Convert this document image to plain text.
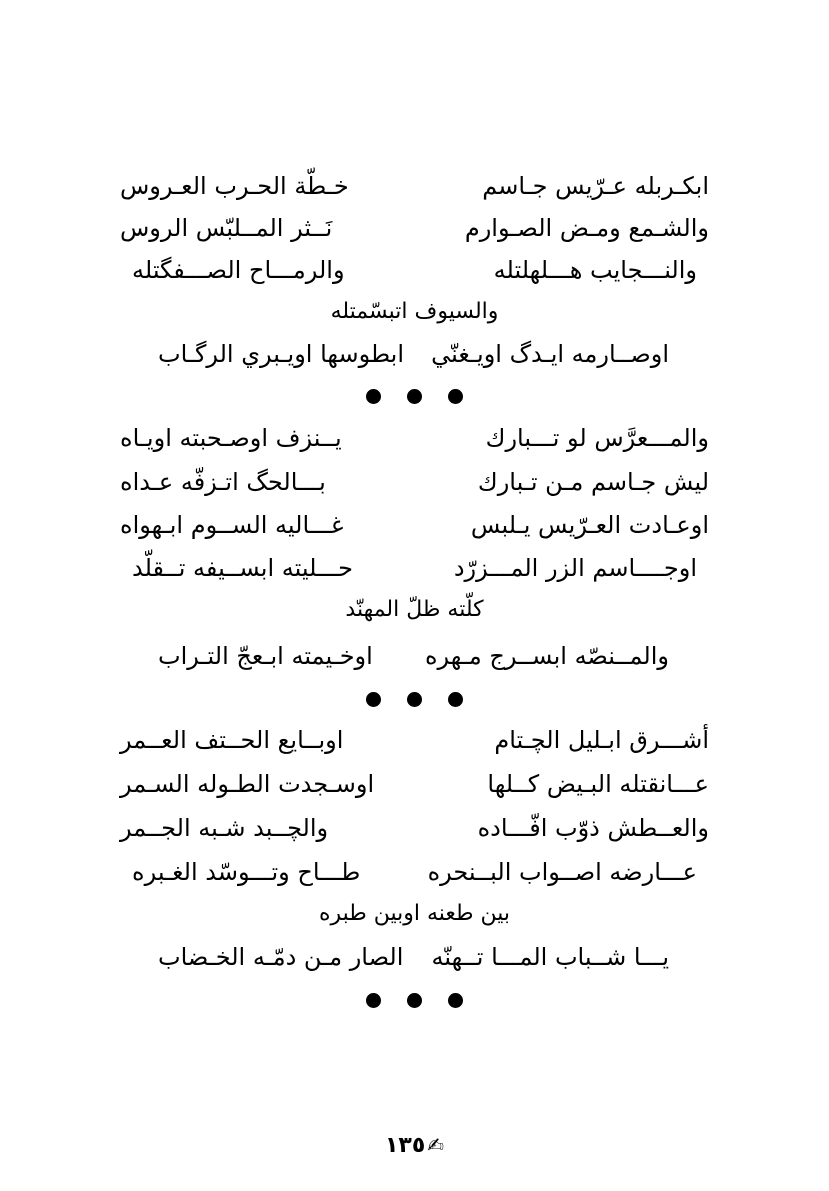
ابكـربله عـرّيس جـاسم
خـطّة الحـرب العـروس
والشـمع ومـض الصـوارم
نَــثر المــلبّس الروس
والنـــجايب هـــلهلتله
والرمـــاح الصـــفگتله
والسيوف اتبسّمتله
اوصــارمه ايـدگ اويـغنّي
ابطوسها اويـبري الرگـاب
والمـــعرَّس لو تـــبارك
يــنزف اوصـحبته اويـاه
ليش جـاسم مـن تـبارك
بـــالحگ اتـزفّه عـداه
اوعـادت العـرّيس يـلبس
غـــاليه الســوم ابـهواه
اوجــــاسم الزر المـــزرّد
حـــليته ابســيفه تــقلّد
كلّته ظلّ المهنّد
والمــنصّه ابســرج مـهره
اوخـيمته ابـعجّ التـراب
أشـــرق ابـليل الچـتام
اوبــايع الحــتف العــمر
عـــانقتله البـيض كــلها
اوسـجدت الطـوله السـمر
والعــطش ذوّب افّـــاده
والچــبد شـبه الجــمر
عـــارضه اصــواب البــنحره
طـــاح وتـــوسّد الغـبره
بين طعنه اوبين طبره
يـــا شــباب المـــا تــهنّه
الصار مـن دمّـه الخـضاب
١٣٥ ✍
